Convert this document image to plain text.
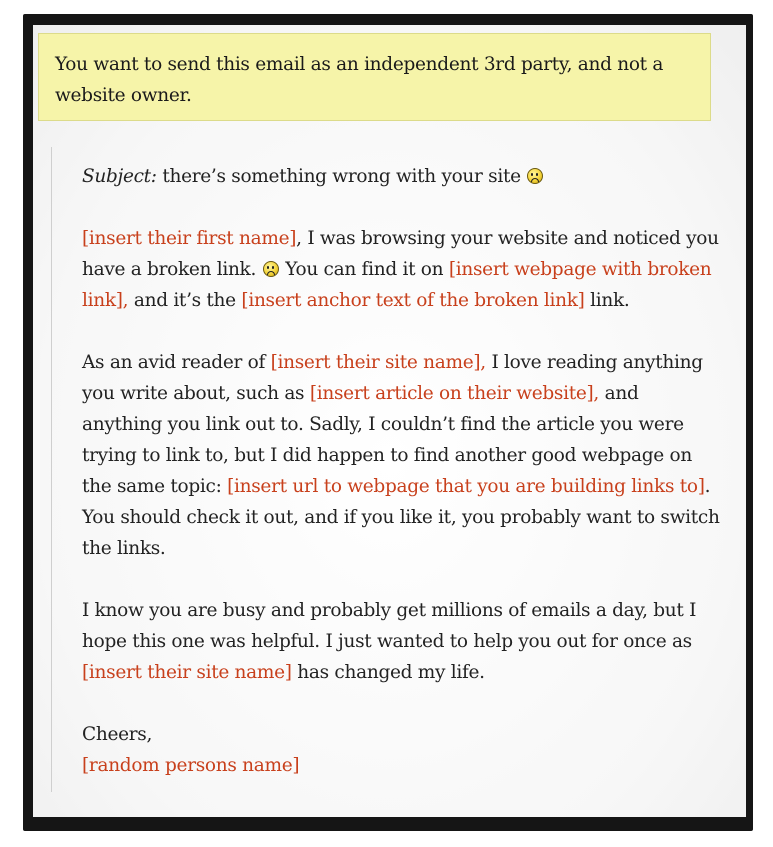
You want to send this email as an independent 3rd party, and not a website owner.

Subject: there’s something wrong with your site

[insert their first name], I was browsing your website and noticed you have a broken link.  You can find it on [insert webpage with broken link], and it’s the [insert anchor text of the broken link] link.

As an avid reader of [insert their site name], I love reading anything you write about, such as [insert article on their website], and anything you link out to. Sadly, I couldn’t find the article you were trying to link to, but I did happen to find another good webpage on the same topic: [insert url to webpage that you are building links to]. You should check it out, and if you like it, you probably want to switch the links.

I know you are busy and probably get millions of emails a day, but I hope this one was helpful. I just wanted to help you out for once as [insert their site name] has changed my life.

Cheers,
[random persons name]
